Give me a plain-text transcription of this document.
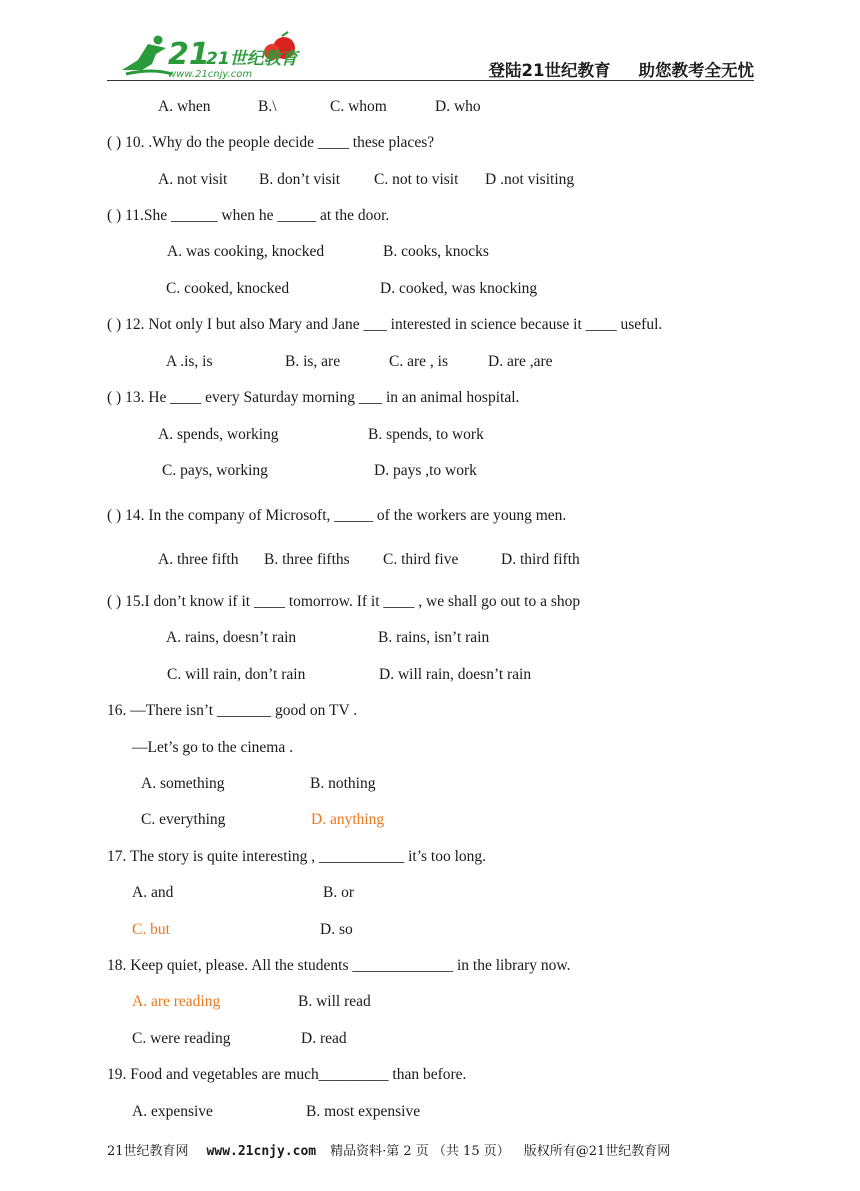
21
21世纪教育
www.21cnjy.com	登陆21世纪教育 助您教考全无忧
A. when	B.\	C. whom	D. who
( ) 10. .Why do the people decide ____ these places?
A. not visit B. don’t visit C. not to visit D .not visiting
( ) 11.She ______ when he _____ at the door.
A. was cooking, knocked	B. cooks, knocks
C. cooked, knocked	D. cooked, was knocking
( ) 12. Not only I but also Mary and Jane ___ interested in science because it ____ useful.
A .is, is	B. is, are	C. are , is	D. are ,are
( ) 13. He ____ every Saturday morning ___ in an animal hospital.
A. spends, working	B. spends, to work
C. pays, working	D. pays ,to work
( ) 14. In the company of Microsoft, _____ of the workers are young men.
A. three fifth B. three fifths C. third five	D. third fifth
( ) 15.I don’t know if it ____ tomorrow. If it ____ , we shall go out to a shop
A. rains, doesn’t rain	B. rains, isn’t rain
C. will rain, don’t rain	D. will rain, doesn’t rain
16. —There isn’t _______ good on TV .
—Let’s go to the cinema .
A. something	B. nothing
C. everything	D. anything
17. The story is quite interesting , ___________ it’s too long.
A. and	B. or
C. but	D. so
18. Keep quiet, please. All the students _____________ in the library now.
A. are reading	B. will read
C. were reading	D. read
19. Food and vegetables are much_________ than before.
A. expensive	B. most expensive
21世纪教育网 www.21cnjy.com 精品资料·第 2 页 （共 15 页） 版权所有@21世纪教育网
